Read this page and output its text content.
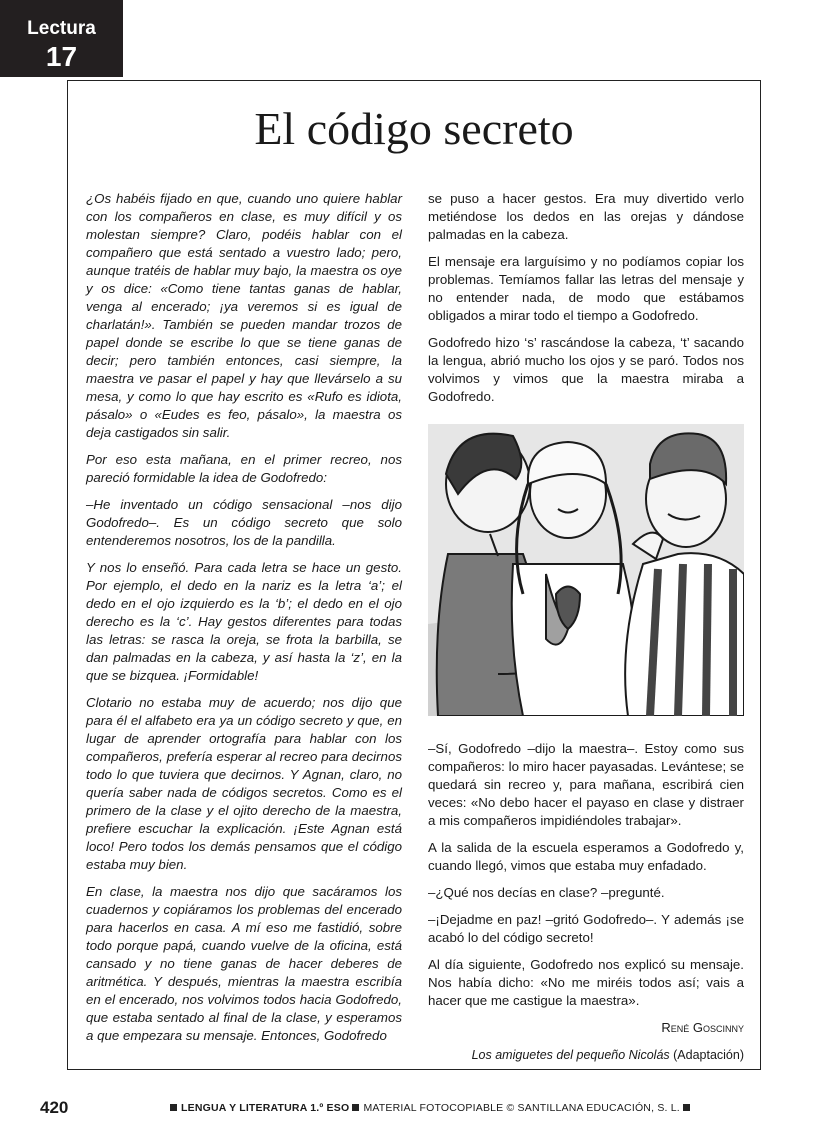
Lectura
17
El código secreto

¿Os habéis fijado en que, cuando uno quiere hablar con los compañeros en clase, es muy difícil y os molestan siempre? Claro, podéis hablar con el compañero que está sentado a vuestro lado; pero, aunque tratéis de hablar muy bajo, la maestra os oye y os dice: «Como tiene tantas ganas de hablar, venga al encerado; ¡ya veremos si es igual de charlatán!». También se pueden mandar trozos de papel donde se escribe lo que se tiene ganas de decir; pero también entonces, casi siempre, la maestra ve pasar el papel y hay que llevárselo a su mesa, y como lo que hay escrito es «Rufo es idiota, pásalo» o «Eudes es feo, pásalo», la maestra os deja castigados sin salir.

Por eso esta mañana, en el primer recreo, nos pareció formidable la idea de Godofredo:

–He inventado un código sensacional –nos dijo Godofredo–. Es un código secreto que solo entenderemos nosotros, los de la pandilla.

Y nos lo enseñó. Para cada letra se hace un gesto. Por ejemplo, el dedo en la nariz es la letra ‘a’; el dedo en el ojo izquierdo es la ‘b’; el dedo en el ojo derecho es la ‘c’. Hay gestos diferentes para todas las letras: se rasca la oreja, se frota la barbilla, se dan palmadas en la cabeza, y así hasta la ‘z’, en la que se bizquea. ¡Formidable!

Clotario no estaba muy de acuerdo; nos dijo que para él el alfabeto era ya un código secreto y que, en lugar de aprender ortografía para hablar con los compañeros, prefería esperar al recreo para decirnos todo lo que tuviera que decirnos. Y Agnan, claro, no quería saber nada de códigos secretos. Como es el primero de la clase y el ojito derecho de la maestra, prefiere escuchar la explicación. ¡Este Agnan está loco! Pero todos los demás pensamos que el código estaba muy bien.

En clase, la maestra nos dijo que sacáramos los cuadernos y copiáramos los problemas del encerado para hacerlos en casa. A mí eso me fastidió, sobre todo porque papá, cuando vuelve de la oficina, está cansado y no tiene ganas de hacer deberes de aritmética. Y después, mientras la maestra escribía en el encerado, nos volvimos todos hacia Godofredo, que estaba sentado al final de la clase, y esperamos a que empezara su mensaje. Entonces, Godofredo

se puso a hacer gestos. Era muy divertido verlo metiéndose los dedos en las orejas y dándose palmadas en la cabeza.

El mensaje era larguísimo y no podíamos copiar los problemas. Temíamos fallar las letras del mensaje y no entender nada, de modo que estábamos obligados a mirar todo el tiempo a Godofredo.

Godofredo hizo ‘s’ rascándose la cabeza, ‘t’ sacando la lengua, abrió mucho los ojos y se paró. Todos nos volvimos y vimos que la maestra miraba a Godofredo.

–Sí, Godofredo –dijo la maestra–. Estoy como sus compañeros: lo miro hacer payasadas. Levántese; se quedará sin recreo y, para mañana, escribirá cien veces: «No debo hacer el payaso en clase y distraer a mis compañeros impidiéndoles trabajar».

A la salida de la escuela esperamos a Godofredo y, cuando llegó, vimos que estaba muy enfadado.

–¿Qué nos decías en clase? –pregunté.

–¡Dejadme en paz! –gritó Godofredo–. Y además ¡se acabó lo del código secreto!

Al día siguiente, Godofredo nos explicó su mensaje. Nos había dicho: «No me miréis todos así; vais a hacer que me castigue la maestra».

René Goscinny

Los amiguetes del pequeño Nicolás (Adaptación)

420	LENGUA Y LITERATURA 1.º ESO MATERIAL FOTOCOPIABLE © SANTILLANA EDUCACIÓN, S. L.
